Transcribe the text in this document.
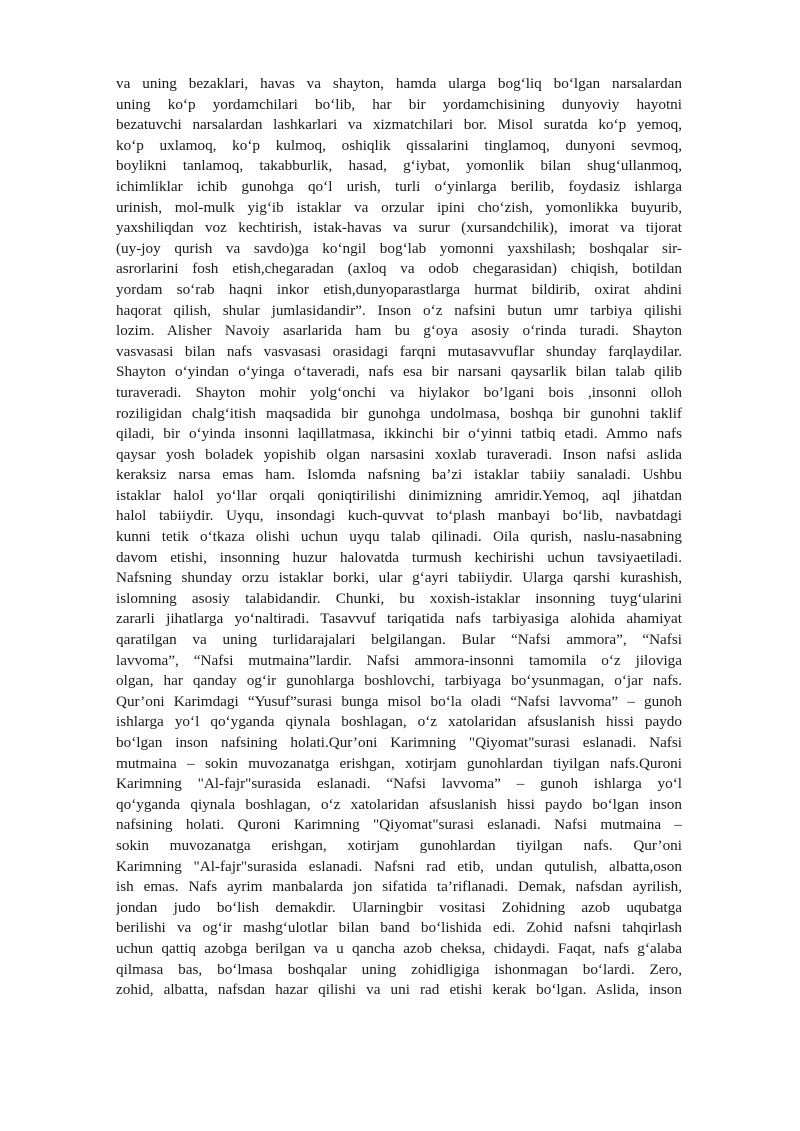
va uning bezaklari, havas va shayton, hamda ularga bog‘liq bo‘lgan narsalardan
uning ko‘p yordamchilari bo‘lib, har bir yordamchisining dunyoviy hayotni
bezatuvchi narsalardan lashkarlari va xizmatchilari bor. Misol suratda ko‘p yemoq,
ko‘p uxlamoq, ko‘p kulmoq, oshiqlik qissalarini tinglamoq, dunyoni sevmoq,
boylikni tanlamoq, takabburlik, hasad, g‘iybat, yomonlik bilan shug‘ullanmoq,
ichimliklar ichib gunohga qo‘l urish, turli o‘yinlarga berilib, foydasiz ishlarga
urinish, mol-mulk yig‘ib istaklar va orzular ipini cho‘zish, yomonlikka buyurib,
yaxshiliqdan voz kechtirish, istak-havas va surur (xursandchilik), imorat va tijorat
(uy-joy qurish va savdo)ga ko‘ngil bog‘lab yomonni yaxshilash; boshqalar sir-
asrorlarini fosh etish,chegaradan (axloq va odob chegarasidan) chiqish, botildan
yordam so‘rab haqni inkor etish,dunyoparastlarga hurmat bildirib, oxirat ahdini
haqorat qilish, shular jumlasidandir”. Inson o‘z nafsini butun umr tarbiya qilishi
lozim. Alisher Navoiy asarlarida ham bu g‘oya asosiy o‘rinda turadi. Shayton
vasvasasi bilan nafs vasvasasi orasidagi farqni mutasavvuflar shunday farqlaydilar.
Shayton o‘yindan o‘yinga o‘taveradi, nafs esa bir narsani qaysarlik bilan talab qilib
turaveradi. Shayton mohir yolg‘onchi va hiylakor bo’lgani bois ,insonni olloh
roziligidan chalg‘itish maqsadida bir gunohga undolmasa, boshqa bir gunohni taklif
qiladi, bir o‘yinda insonni laqillatmasa, ikkinchi bir o‘yinni tatbiq etadi. Ammo nafs
qaysar yosh boladek yopishib olgan narsasini xoxlab turaveradi. Inson nafsi aslida
keraksiz narsa emas ham. Islomda nafsning ba’zi istaklar tabiiy sanaladi. Ushbu
istaklar halol yo‘llar orqali qoniqtirilishi dinimizning amridir.Yemoq, aql jihatdan
halol tabiiydir. Uyqu, insondagi kuch-quvvat to‘plash manbayi bo‘lib, navbatdagi
kunni tetik o‘tkaza olishi uchun uyqu talab qilinadi. Oila qurish, naslu-nasabning
davom etishi, insonning huzur halovatda turmush kechirishi uchun tavsiyaetiladi.
Nafsning shunday orzu istaklar borki, ular g‘ayri tabiiydir. Ularga qarshi kurashish,
islomning asosiy talabidandir. Chunki, bu xoxish-istaklar insonning tuyg‘ularini
zararli jihatlarga yo‘naltiradi. Tasavvuf tariqatida nafs tarbiyasiga alohida ahamiyat
qaratilgan va uning turlidarajalari belgilangan. Bular “Nafsi ammora”, “Nafsi
lavvoma”, “Nafsi mutmaina”lardir. Nafsi ammora-insonni tamomila o‘z jiloviga
olgan, har qanday og‘ir gunohlarga boshlovchi, tarbiyaga bo‘ysunmagan, o‘jar nafs.
Qur’oni Karimdagi “Yusuf”surasi bunga misol bo‘la oladi “Nafsi lavvoma” – gunoh
ishlarga yo‘l qo‘yganda qiynala boshlagan, o‘z xatolaridan afsuslanish hissi paydo
bo‘lgan inson nafsining holati.Qur’oni Karimning "Qiyomat"surasi eslanadi. Nafsi
mutmaina – sokin muvozanatga erishgan, xotirjam gunohlardan tiyilgan nafs.Quroni
Karimning "Al-fajr"surasida eslanadi. “Nafsi lavvoma” – gunoh ishlarga yo‘l
qo‘yganda qiynala boshlagan, o‘z xatolaridan afsuslanish hissi paydo bo‘lgan inson
nafsining holati. Quroni Karimning "Qiyomat"surasi eslanadi. Nafsi mutmaina –
sokin muvozanatga erishgan, xotirjam gunohlardan tiyilgan nafs. Qur’oni
Karimning "Al-fajr"surasida eslanadi. Nafsni rad etib, undan qutulish, albatta,oson
ish emas. Nafs ayrim manbalarda jon sifatida ta’riflanadi. Demak, nafsdan ayrilish,
jondan judo bo‘lish demakdir. Ularningbir vositasi Zohidning azob uqubatga
berilishi va og‘ir mashg‘ulotlar bilan band bo‘lishida edi. Zohid nafsni tahqirlash
uchun qattiq azobga berilgan va u qancha azob cheksa, chidaydi. Faqat, nafs g‘alaba
qilmasa bas, bo‘lmasa boshqalar uning zohidligiga ishonmagan bo‘lardi. Zero,
zohid, albatta, nafsdan hazar qilishi va uni rad etishi kerak bo‘lgan. Aslida, inson
